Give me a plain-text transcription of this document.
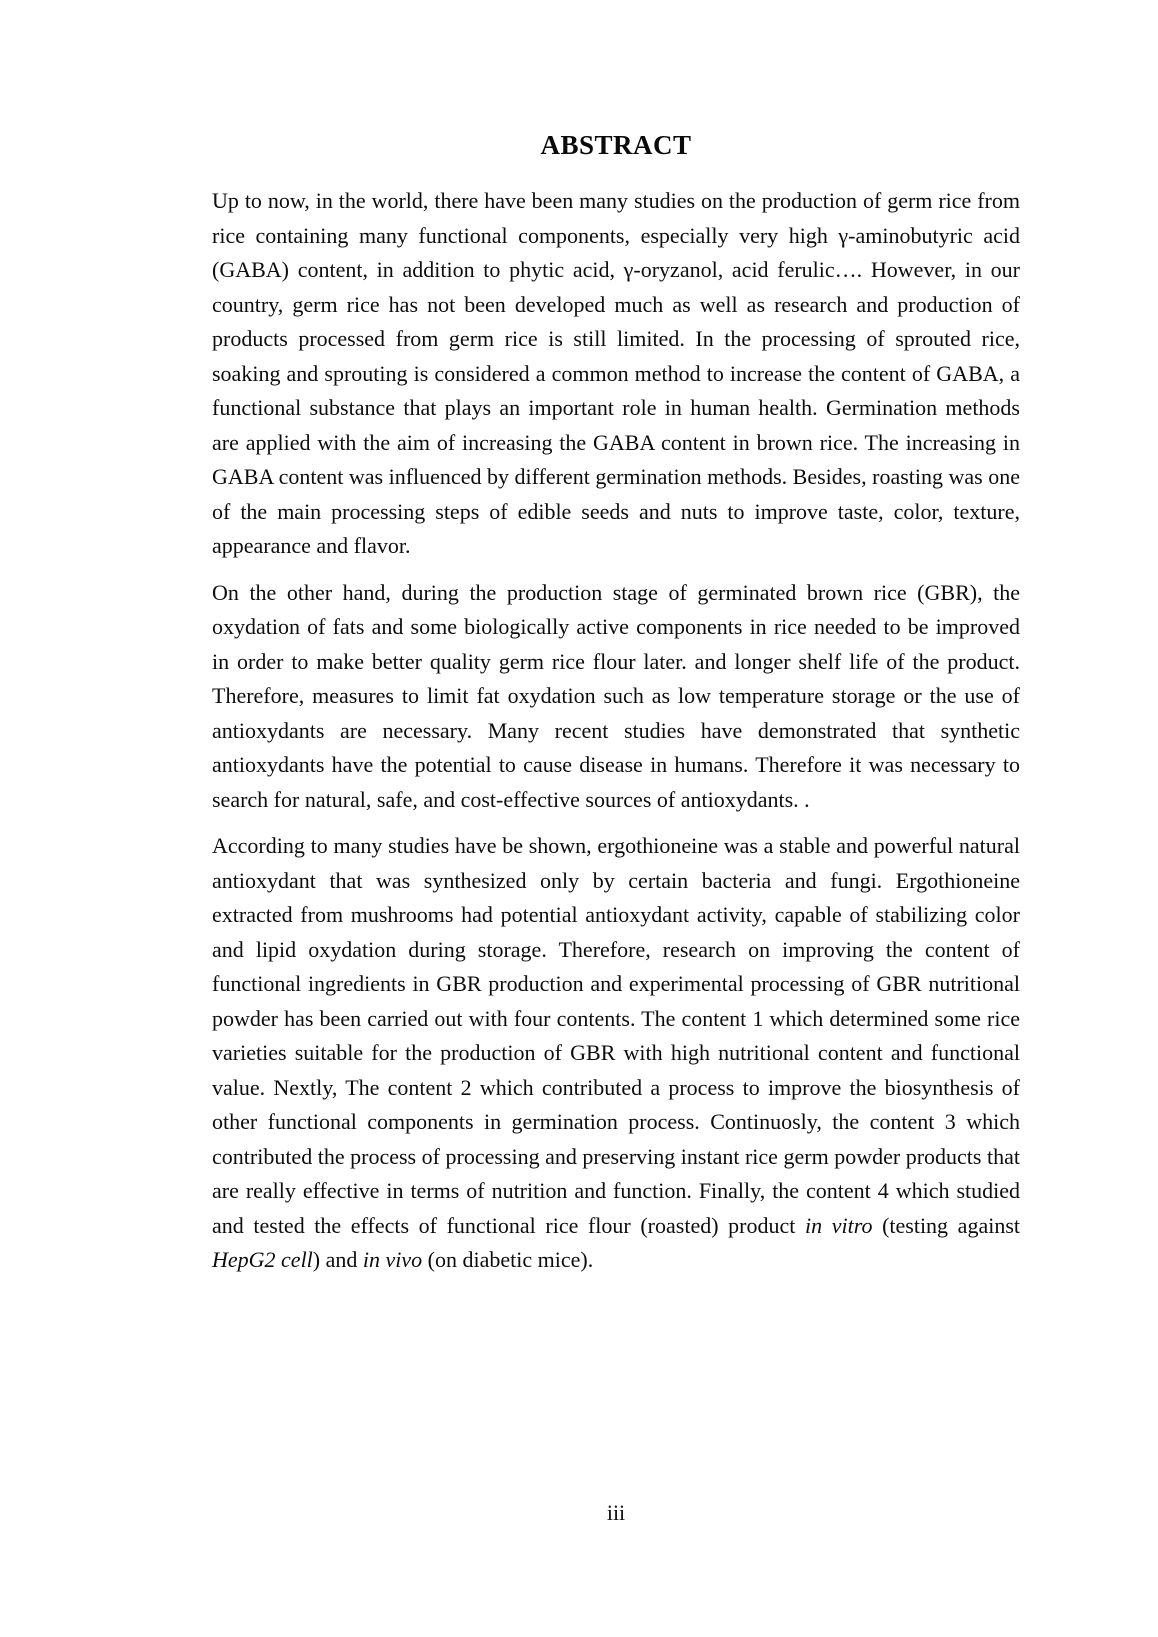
ABSTRACT

Up to now, in the world, there have been many studies on the production of germ rice from rice containing many functional components, especially very high γ-aminobutyric acid (GABA) content, in addition to phytic acid, γ-oryzanol, acid ferulic…. However, in our country, germ rice has not been developed much as well as research and production of products processed from germ rice is still limited. In the processing of sprouted rice, soaking and sprouting is considered a common method to increase the content of GABA, a functional substance that plays an important role in human health. Germination methods are applied with the aim of increasing the GABA content in brown rice. The increasing in GABA content was influenced by different germination methods. Besides, roasting was one of the main processing steps of edible seeds and nuts to improve taste, color, texture, appearance and flavor.

On the other hand, during the production stage of germinated brown rice (GBR), the oxydation of fats and some biologically active components in rice needed to be improved in order to make better quality germ rice flour later. and longer shelf life of the product. Therefore, measures to limit fat oxydation such as low temperature storage or the use of antioxydants are necessary. Many recent studies have demonstrated that synthetic antioxydants have the potential to cause disease in humans. Therefore it was necessary to search for natural, safe, and cost-effective sources of antioxydants. .

According to many studies have be shown, ergothioneine was a stable and powerful natural antioxydant that was synthesized only by certain bacteria and fungi. Ergothioneine extracted from mushrooms had potential antioxydant activity, capable of stabilizing color and lipid oxydation during storage. Therefore, research on improving the content of functional ingredients in GBR production and experimental processing of GBR nutritional powder has been carried out with four contents. The content 1 which determined some rice varieties suitable for the production of GBR with high nutritional content and functional value. Nextly, The content 2 which contributed a process to improve the biosynthesis of other functional components in germination process. Continuosly, the content 3 which contributed the process of processing and preserving instant rice germ powder products that are really effective in terms of nutrition and function. Finally, the content 4 which studied and tested the effects of functional rice flour (roasted) product in vitro (testing against HepG2 cell) and in vivo (on diabetic mice).

iii
